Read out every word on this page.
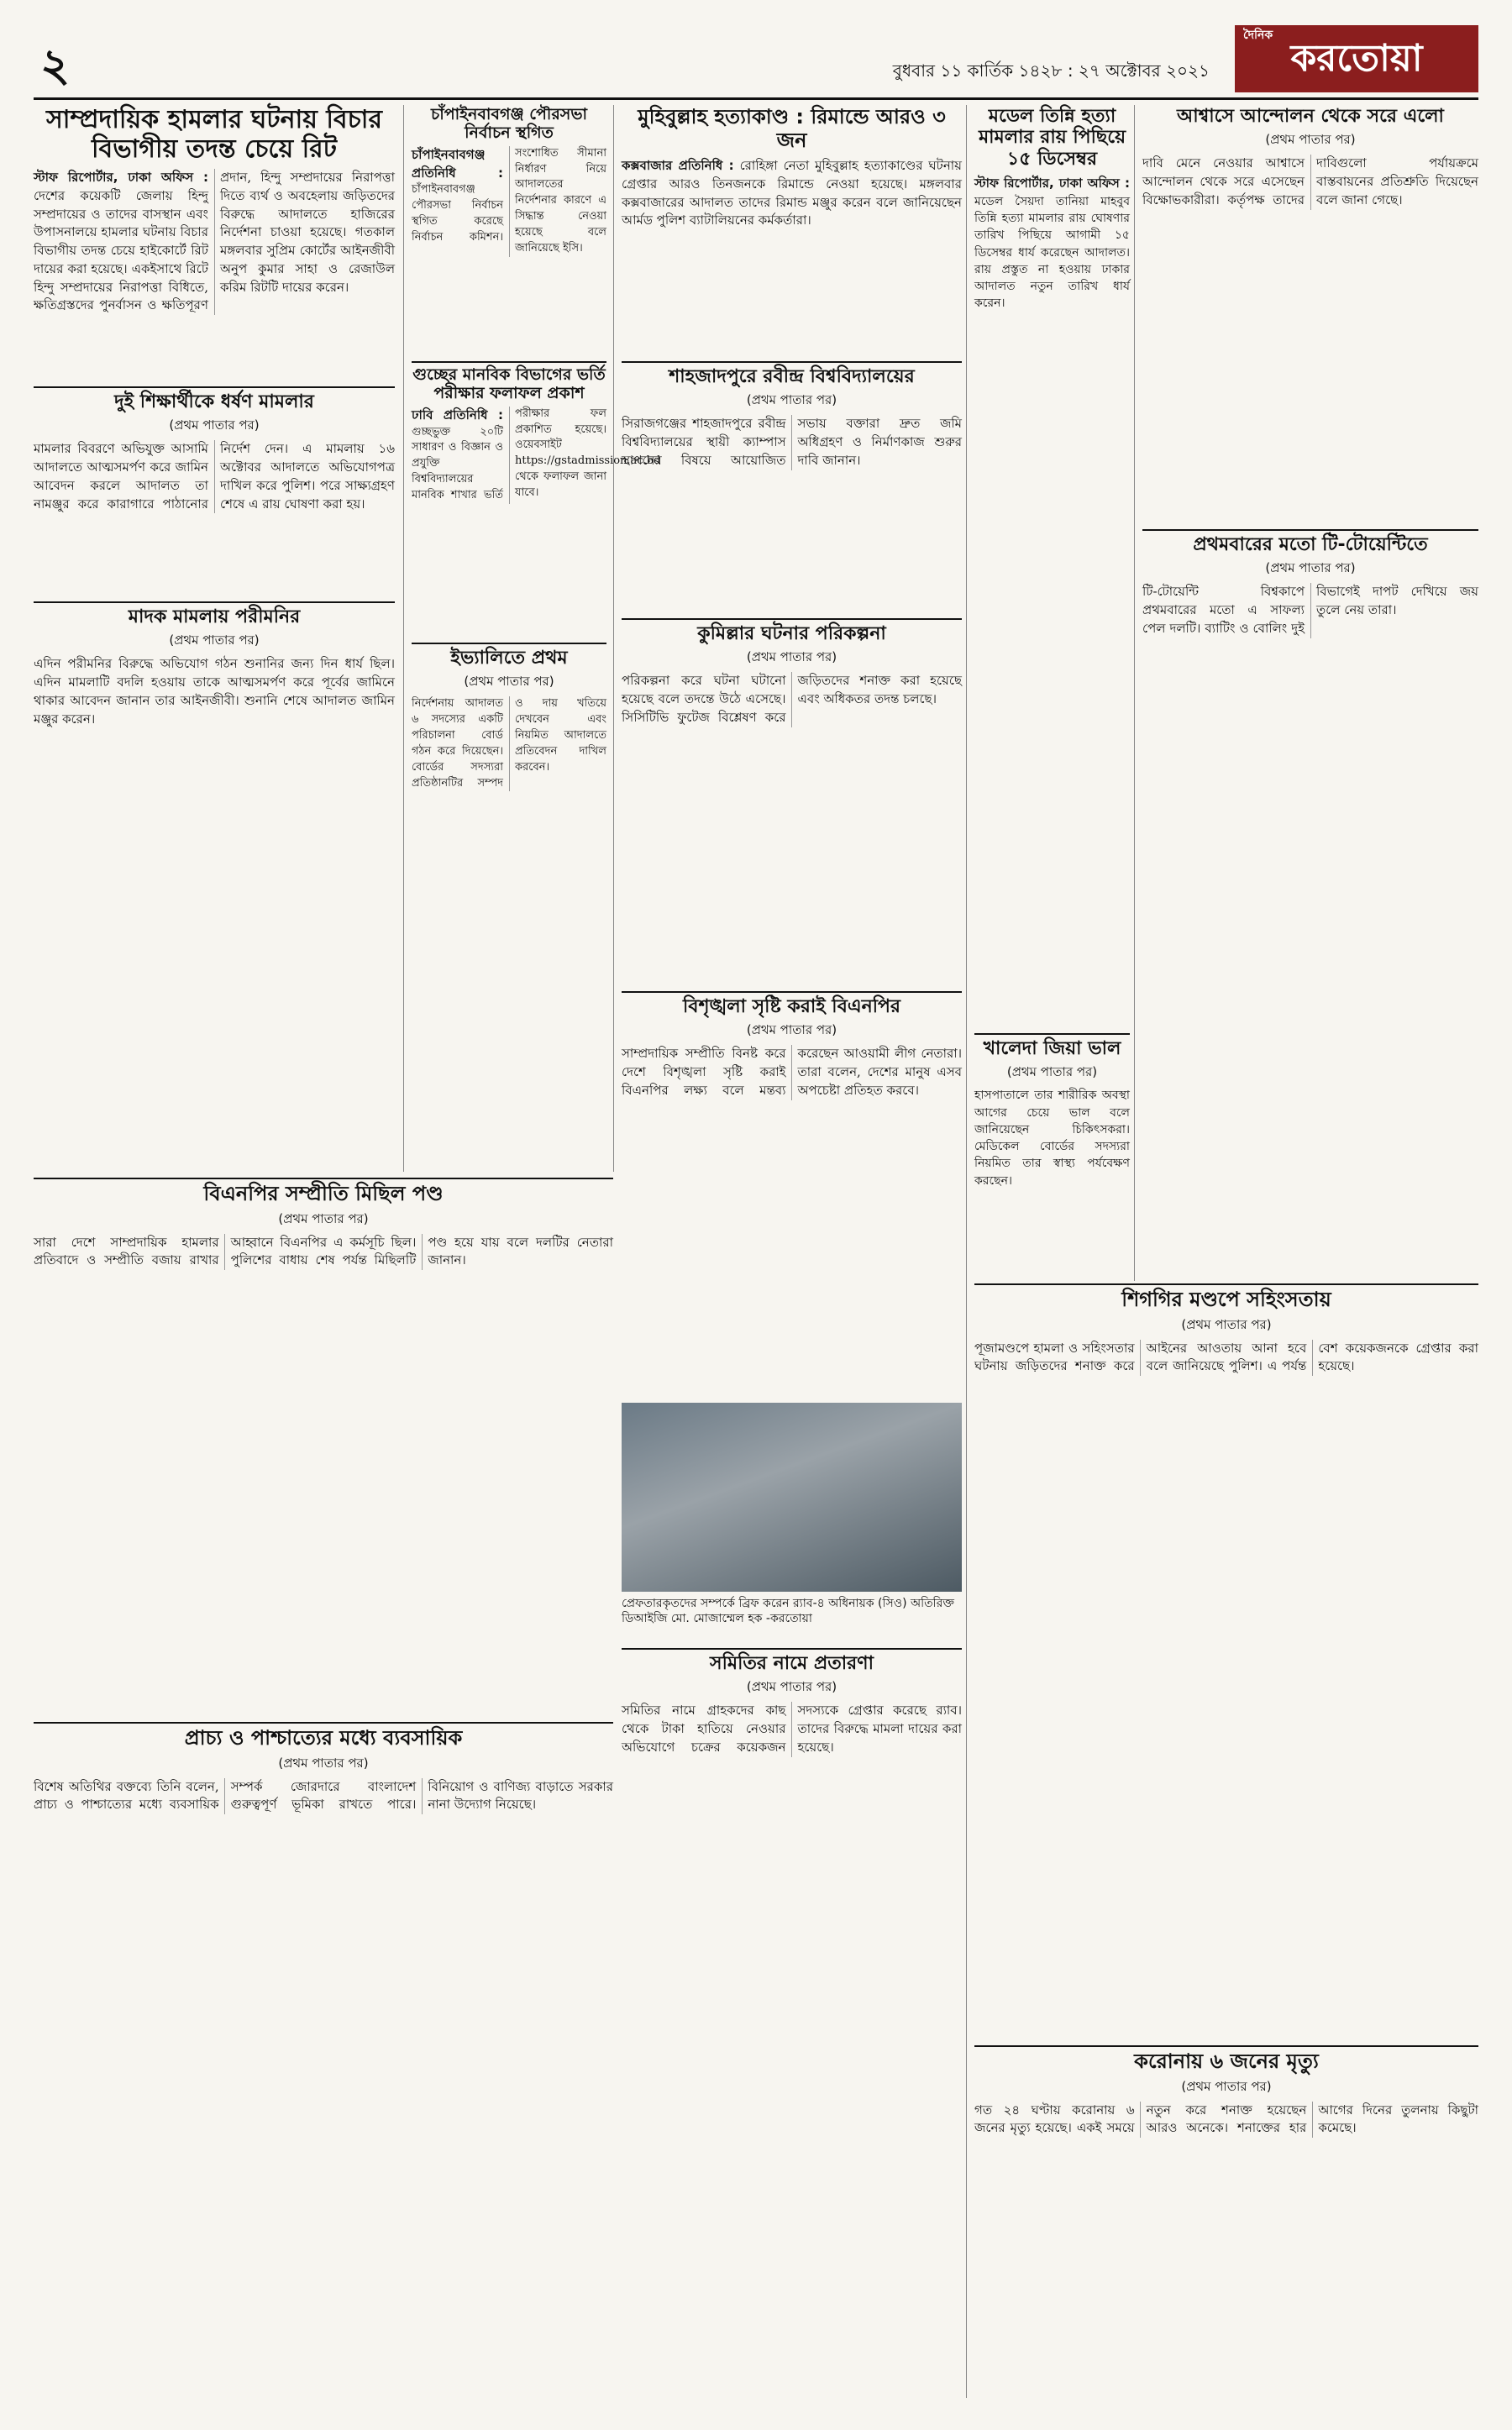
২	বুধবার ১১ কার্তিক ১৪২৮ : ২৭ অক্টোবর ২০২১
দৈনিক
করতোয়া
সাম্প্রদায়িক হামলার ঘটনায় বিচার বিভাগীয় তদন্ত চেয়ে রিট
স্টাফ রিপোর্টার, ঢাকা অফিস : দেশের কয়েকটি জেলায় হিন্দু সম্প্রদায়ের ও তাদের বাসস্থান এবং উপাসনালয়ে হামলার ঘটনায় বিচার বিভাগীয় তদন্ত চেয়ে হাইকোর্টে রিট দায়ের করা হয়েছে। একইসাথে রিটে হিন্দু সম্প্রদায়ের নিরাপত্তা বিধিতে, ক্ষতিগ্রস্তদের পুনর্বাসন ও ক্ষতিপূরণ প্রদান, হিন্দু সম্প্রদায়ের নিরাপত্তা দিতে ব্যর্থ ও অবহেলায় জড়িতদের বিরুদ্ধে আদালতে হাজিরের নির্দেশনা চাওয়া হয়েছে। গতকাল মঙ্গলবার সুপ্রিম কোর্টের আইনজীবী অনুপ কুমার সাহা ও রেজাউল করিম রিটটি দায়ের করেন।
দুই শিক্ষার্থীকে ধর্ষণ মামলার
(প্রথম পাতার পর)
মামলার বিবরণে অভিযুক্ত আসামি আদালতে আত্মসমর্পণ করে জামিন আবেদন করলে আদালত তা নামঞ্জুর করে কারাগারে পাঠানোর নির্দেশ দেন। এ মামলায় ১৬ অক্টোবর আদালতে অভিযোগপত্র দাখিল করে পুলিশ। পরে সাক্ষ্যগ্রহণ শেষে এ রায় ঘোষণা করা হয়।
মাদক মামলায় পরীমনির
(প্রথম পাতার পর)
এদিন পরীমনির বিরুদ্ধে অভিযোগ গঠন শুনানির জন্য দিন ধার্য ছিল। এদিন মামলাটি বদলি হওয়ায় তাকে আত্মসমর্পণ করে পূর্বের জামিনে থাকার আবেদন জানান তার আইনজীবী। শুনানি শেষে আদালত জামিন মঞ্জুর করেন।
চাঁপাইনবাবগঞ্জ পৌরসভা নির্বাচন স্থগিত
চাঁপাইনবাবগঞ্জ প্রতিনিধি : চাঁপাইনবাবগঞ্জ পৌরসভা নির্বাচন স্থগিত করেছে নির্বাচন কমিশন। সংশোধিত সীমানা নির্ধারণ নিয়ে আদালতের নির্দেশনার কারণে এ সিদ্ধান্ত নেওয়া হয়েছে বলে জানিয়েছে ইসি।
গুচ্ছের মানবিক বিভাগের ভর্তি পরীক্ষার ফলাফল প্রকাশ
ঢাবি প্রতিনিধি : গুচ্ছভুক্ত ২০টি সাধারণ ও বিজ্ঞান ও প্রযুক্তি বিশ্ববিদ্যালয়ের মানবিক শাখার ভর্তি পরীক্ষার ফল প্রকাশিত হয়েছে। ওয়েবসাইট https://gstadmission.ac.bd থেকে ফলাফল জানা যাবে।
ইভ্যালিতে প্রথম
(প্রথম পাতার পর)
নির্দেশনায় আদালত ৬ সদস্যের একটি পরিচালনা বোর্ড গঠন করে দিয়েছেন। বোর্ডের সদস্যরা প্রতিষ্ঠানটির সম্পদ ও দায় খতিয়ে দেখবেন এবং নিয়মিত আদালতে প্রতিবেদন দাখিল করবেন।
মুহিবুল্লাহ হত্যাকাণ্ড : রিমান্ডে আরও ৩ জন
কক্সবাজার প্রতিনিধি : রোহিঙ্গা নেতা মুহিবুল্লাহ হত্যাকাণ্ডের ঘটনায় গ্রেপ্তার আরও তিনজনকে রিমান্ডে নেওয়া হয়েছে। মঙ্গলবার কক্সবাজারের আদালত তাদের রিমান্ড মঞ্জুর করেন বলে জানিয়েছেন আর্মড পুলিশ ব্যাটালিয়নের কর্মকর্তারা।
শাহজাদপুরে রবীন্দ্র বিশ্ববিদ্যালয়ের
(প্রথম পাতার পর)
সিরাজগঞ্জের শাহজাদপুরে রবীন্দ্র বিশ্ববিদ্যালয়ের স্থায়ী ক্যাম্পাস স্থাপনের বিষয়ে আয়োজিত সভায় বক্তারা দ্রুত জমি অধিগ্রহণ ও নির্মাণকাজ শুরুর দাবি জানান।
কুমিল্লার ঘটনার পরিকল্পনা
(প্রথম পাতার পর)
পরিকল্পনা করে ঘটনা ঘটানো হয়েছে বলে তদন্তে উঠে এসেছে। সিসিটিভি ফুটেজ বিশ্লেষণ করে জড়িতদের শনাক্ত করা হয়েছে এবং অধিকতর তদন্ত চলছে।
বিশৃঙ্খলা সৃষ্টি করাই বিএনপির
(প্রথম পাতার পর)
সাম্প্রদায়িক সম্প্রীতি বিনষ্ট করে দেশে বিশৃঙ্খলা সৃষ্টি করাই বিএনপির লক্ষ্য বলে মন্তব্য করেছেন আওয়ামী লীগ নেতারা। তারা বলেন, দেশের মানুষ এসব অপচেষ্টা প্রতিহত করবে।
প্রেফতারকৃতদের সম্পর্কে ব্রিফ করেন র‍্যাব-৪ অধিনায়ক (সিও) অতিরিক্ত ডিআইজি মো. মোজাম্মেল হক -করতোয়া
সমিতির নামে প্রতারণা
(প্রথম পাতার পর)
সমিতির নামে গ্রাহকদের কাছ থেকে টাকা হাতিয়ে নেওয়ার অভিযোগে চক্রের কয়েকজন সদস্যকে গ্রেপ্তার করেছে র‍্যাব। তাদের বিরুদ্ধে মামলা দায়ের করা হয়েছে।
বিএনপির সম্প্রীতি মিছিল পণ্ড
(প্রথম পাতার পর)
সারা দেশে সাম্প্রদায়িক হামলার প্রতিবাদে ও সম্প্রীতি বজায় রাখার আহ্বানে বিএনপির এ কর্মসূচি ছিল। পুলিশের বাধায় শেষ পর্যন্ত মিছিলটি পণ্ড হয়ে যায় বলে দলটির নেতারা জানান।
প্রাচ্য ও পাশ্চাত্যের মধ্যে ব্যবসায়িক
(প্রথম পাতার পর)
বিশেষ অতিথির বক্তব্যে তিনি বলেন, প্রাচ্য ও পাশ্চাত্যের মধ্যে ব্যবসায়িক সম্পর্ক জোরদারে বাংলাদেশ গুরুত্বপূর্ণ ভূমিকা রাখতে পারে। বিনিয়োগ ও বাণিজ্য বাড়াতে সরকার নানা উদ্যোগ নিয়েছে।
মডেল তিন্নি হত্যা মামলার রায় পিছিয়ে ১৫ ডিসেম্বর
স্টাফ রিপোর্টার, ঢাকা অফিস : মডেল সৈয়দা তানিয়া মাহবুব তিন্নি হত্যা মামলার রায় ঘোষণার তারিখ পিছিয়ে আগামী ১৫ ডিসেম্বর ধার্য করেছেন আদালত। রায় প্রস্তুত না হওয়ায় ঢাকার আদালত নতুন তারিখ ধার্য করেন।
খালেদা জিয়া ভাল
(প্রথম পাতার পর)
হাসপাতালে তার শারীরিক অবস্থা আগের চেয়ে ভাল বলে জানিয়েছেন চিকিৎসকরা। মেডিকেল বোর্ডের সদস্যরা নিয়মিত তার স্বাস্থ্য পর্যবেক্ষণ করছেন।
আশ্বাসে আন্দোলন থেকে সরে এলো
(প্রথম পাতার পর)
দাবি মেনে নেওয়ার আশ্বাসে আন্দোলন থেকে সরে এসেছেন বিক্ষোভকারীরা। কর্তৃপক্ষ তাদের দাবিগুলো পর্যায়ক্রমে বাস্তবায়নের প্রতিশ্রুতি দিয়েছেন বলে জানা গেছে।
প্রথমবারের মতো টি-টোয়েন্টিতে
(প্রথম পাতার পর)
টি-টোয়েন্টি বিশ্বকাপে প্রথমবারের মতো এ সাফল্য পেল দলটি। ব্যাটিং ও বোলিং দুই বিভাগেই দাপট দেখিয়ে জয় তুলে নেয় তারা।
শিগগির মণ্ডপে সহিংসতায়
(প্রথম পাতার পর)
পূজামণ্ডপে হামলা ও সহিংসতার ঘটনায় জড়িতদের শনাক্ত করে আইনের আওতায় আনা হবে বলে জানিয়েছে পুলিশ। এ পর্যন্ত বেশ কয়েকজনকে গ্রেপ্তার করা হয়েছে।
করোনায় ৬ জনের মৃত্যু
(প্রথম পাতার পর)
গত ২৪ ঘণ্টায় করোনায় ৬ জনের মৃত্যু হয়েছে। একই সময়ে নতুন করে শনাক্ত হয়েছেন আরও অনেকে। শনাক্তের হার আগের দিনের তুলনায় কিছুটা কমেছে।
